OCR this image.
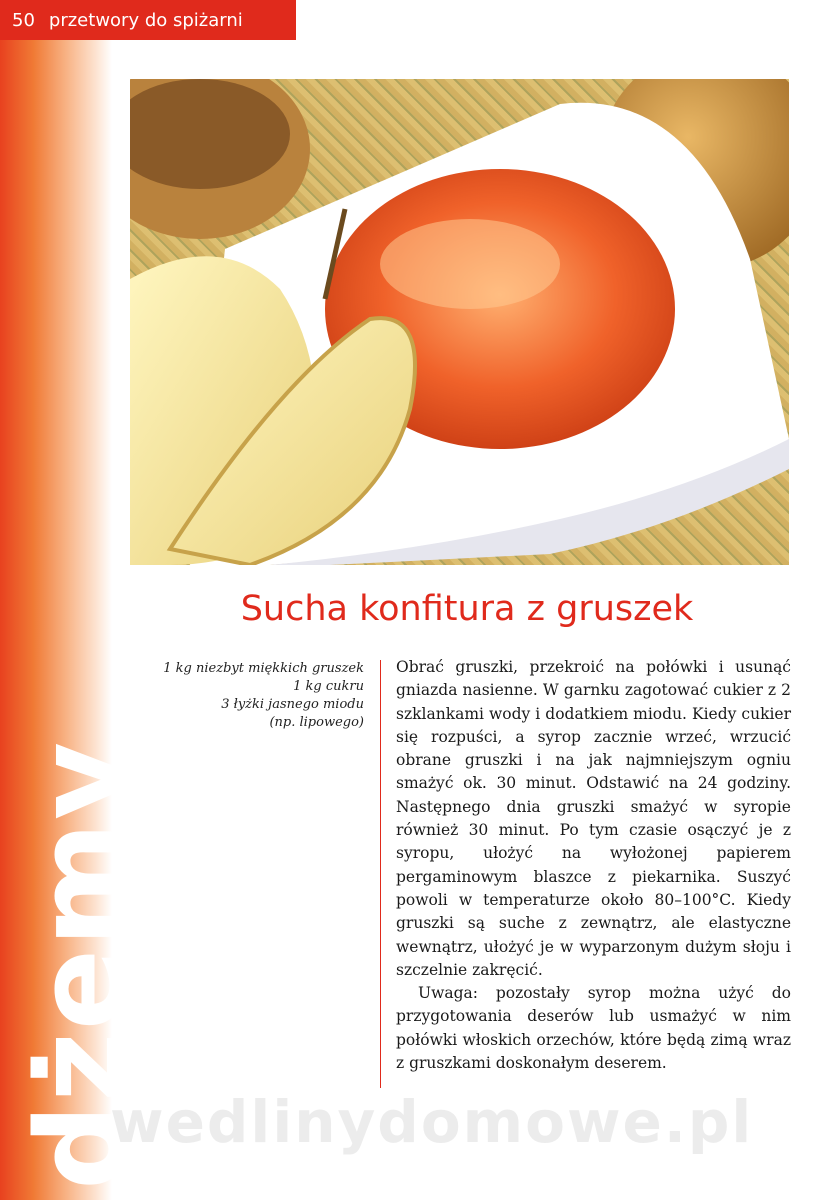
50 przetwory do spiżarni
dżemy
Sucha konfitura z gruszek
1 kg niezbyt miękkich gruszek
1 kg cukru
3 łyżki jasnego miodu
(np. lipowego)

Obrać gruszki, przekroić na połówki i usunąć gniazda nasienne. W garnku zagotować cukier z 2 szklankami wody i dodatkiem miodu. Kiedy cukier się rozpuści, a syrop zacznie wrzeć, wrzucić obrane gruszki i na jak najmniejszym ogniu smażyć ok. 30 minut. Odstawić na 24 godziny. Następnego dnia gruszki smażyć w syropie również 30 minut. Po tym czasie osączyć je z syropu, ułożyć na wyłożonej papierem pergaminowym blaszce z piekarnika. Suszyć powoli w temperaturze około 80–100°C. Kiedy gruszki są suche z zewnątrz, ale elastyczne wewnątrz, ułożyć je w wyparzonym dużym słoju i szczelnie zakręcić.

Uwaga: pozostały syrop można użyć do przygotowania deserów lub usmażyć w nim połówki włoskich orzechów, które będą zimą wraz z gruszkami doskonałym deserem.

wedlinydomowe.pl
